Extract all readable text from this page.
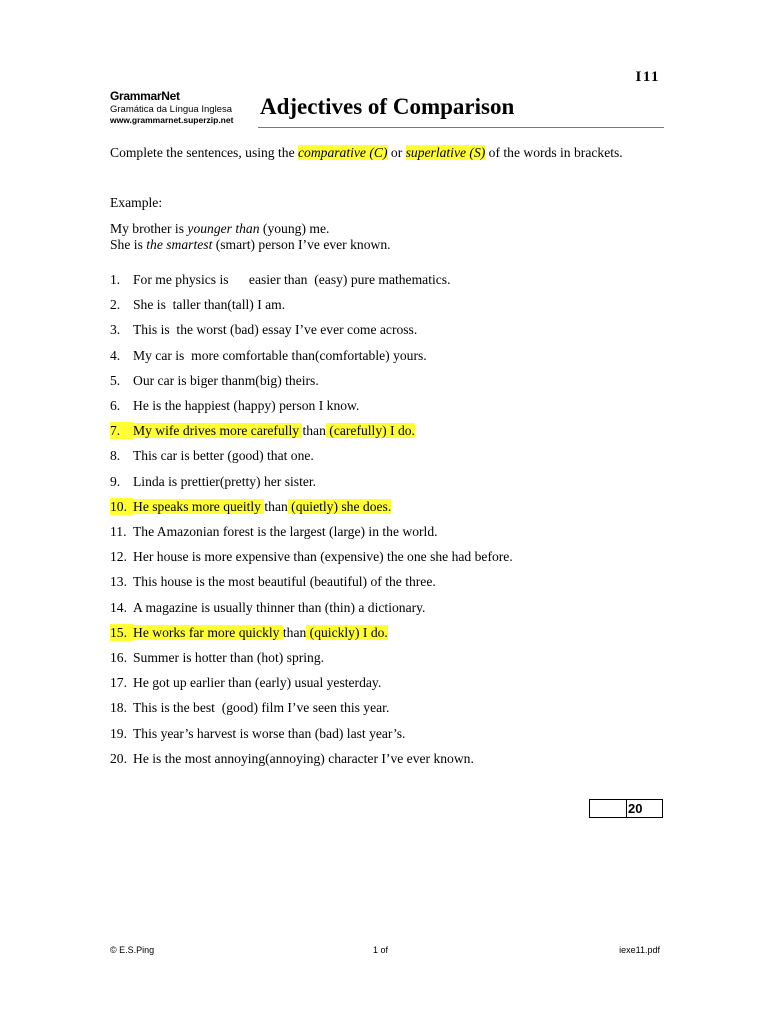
I11
GrammarNet
Gramática da Língua Inglesa
www.grammarnet.superzip.net
Adjectives of Comparison
Complete the sentences, using the comparative (C) or superlative (S) of the words in brackets.
Example:
My brother is younger than (young) me.
She is the smartest (smart) person I’ve ever known.
1. For me physics is      easier than  (easy) pure mathematics.
2. She is  taller than(tall) I am.
3. This is  the worst (bad) essay I’ve ever come across.
4. My car is  more comfortable than(comfortable) yours.
5. Our car is biger thanm(big) theirs.
6. He is the happiest (happy) person I know.
7. My wife drives more carefully than (carefully) I do.
8. This car is better (good) that one.
9. Linda is prettier(pretty) her sister.
10. He speaks more queitly than (quietly) she does.
11. The Amazonian forest is the largest (large) in the world.
12. Her house is more expensive than (expensive) the one she had before.
13. This house is the most beautiful (beautiful) of the three.
14. A magazine is usually thinner than (thin) a dictionary.
15. He works far more quickly than (quickly) I do.
16. Summer is hotter than (hot) spring.
17. He got up earlier than (early) usual yesterday.
18. This is the best  (good) film I’ve seen this year.
19. This year’s harvest is worse than (bad) last year’s.
20. He is the most annoying(annoying) character I’ve ever known.
20
© E.S.Ping	1 of	iexe11.pdf
